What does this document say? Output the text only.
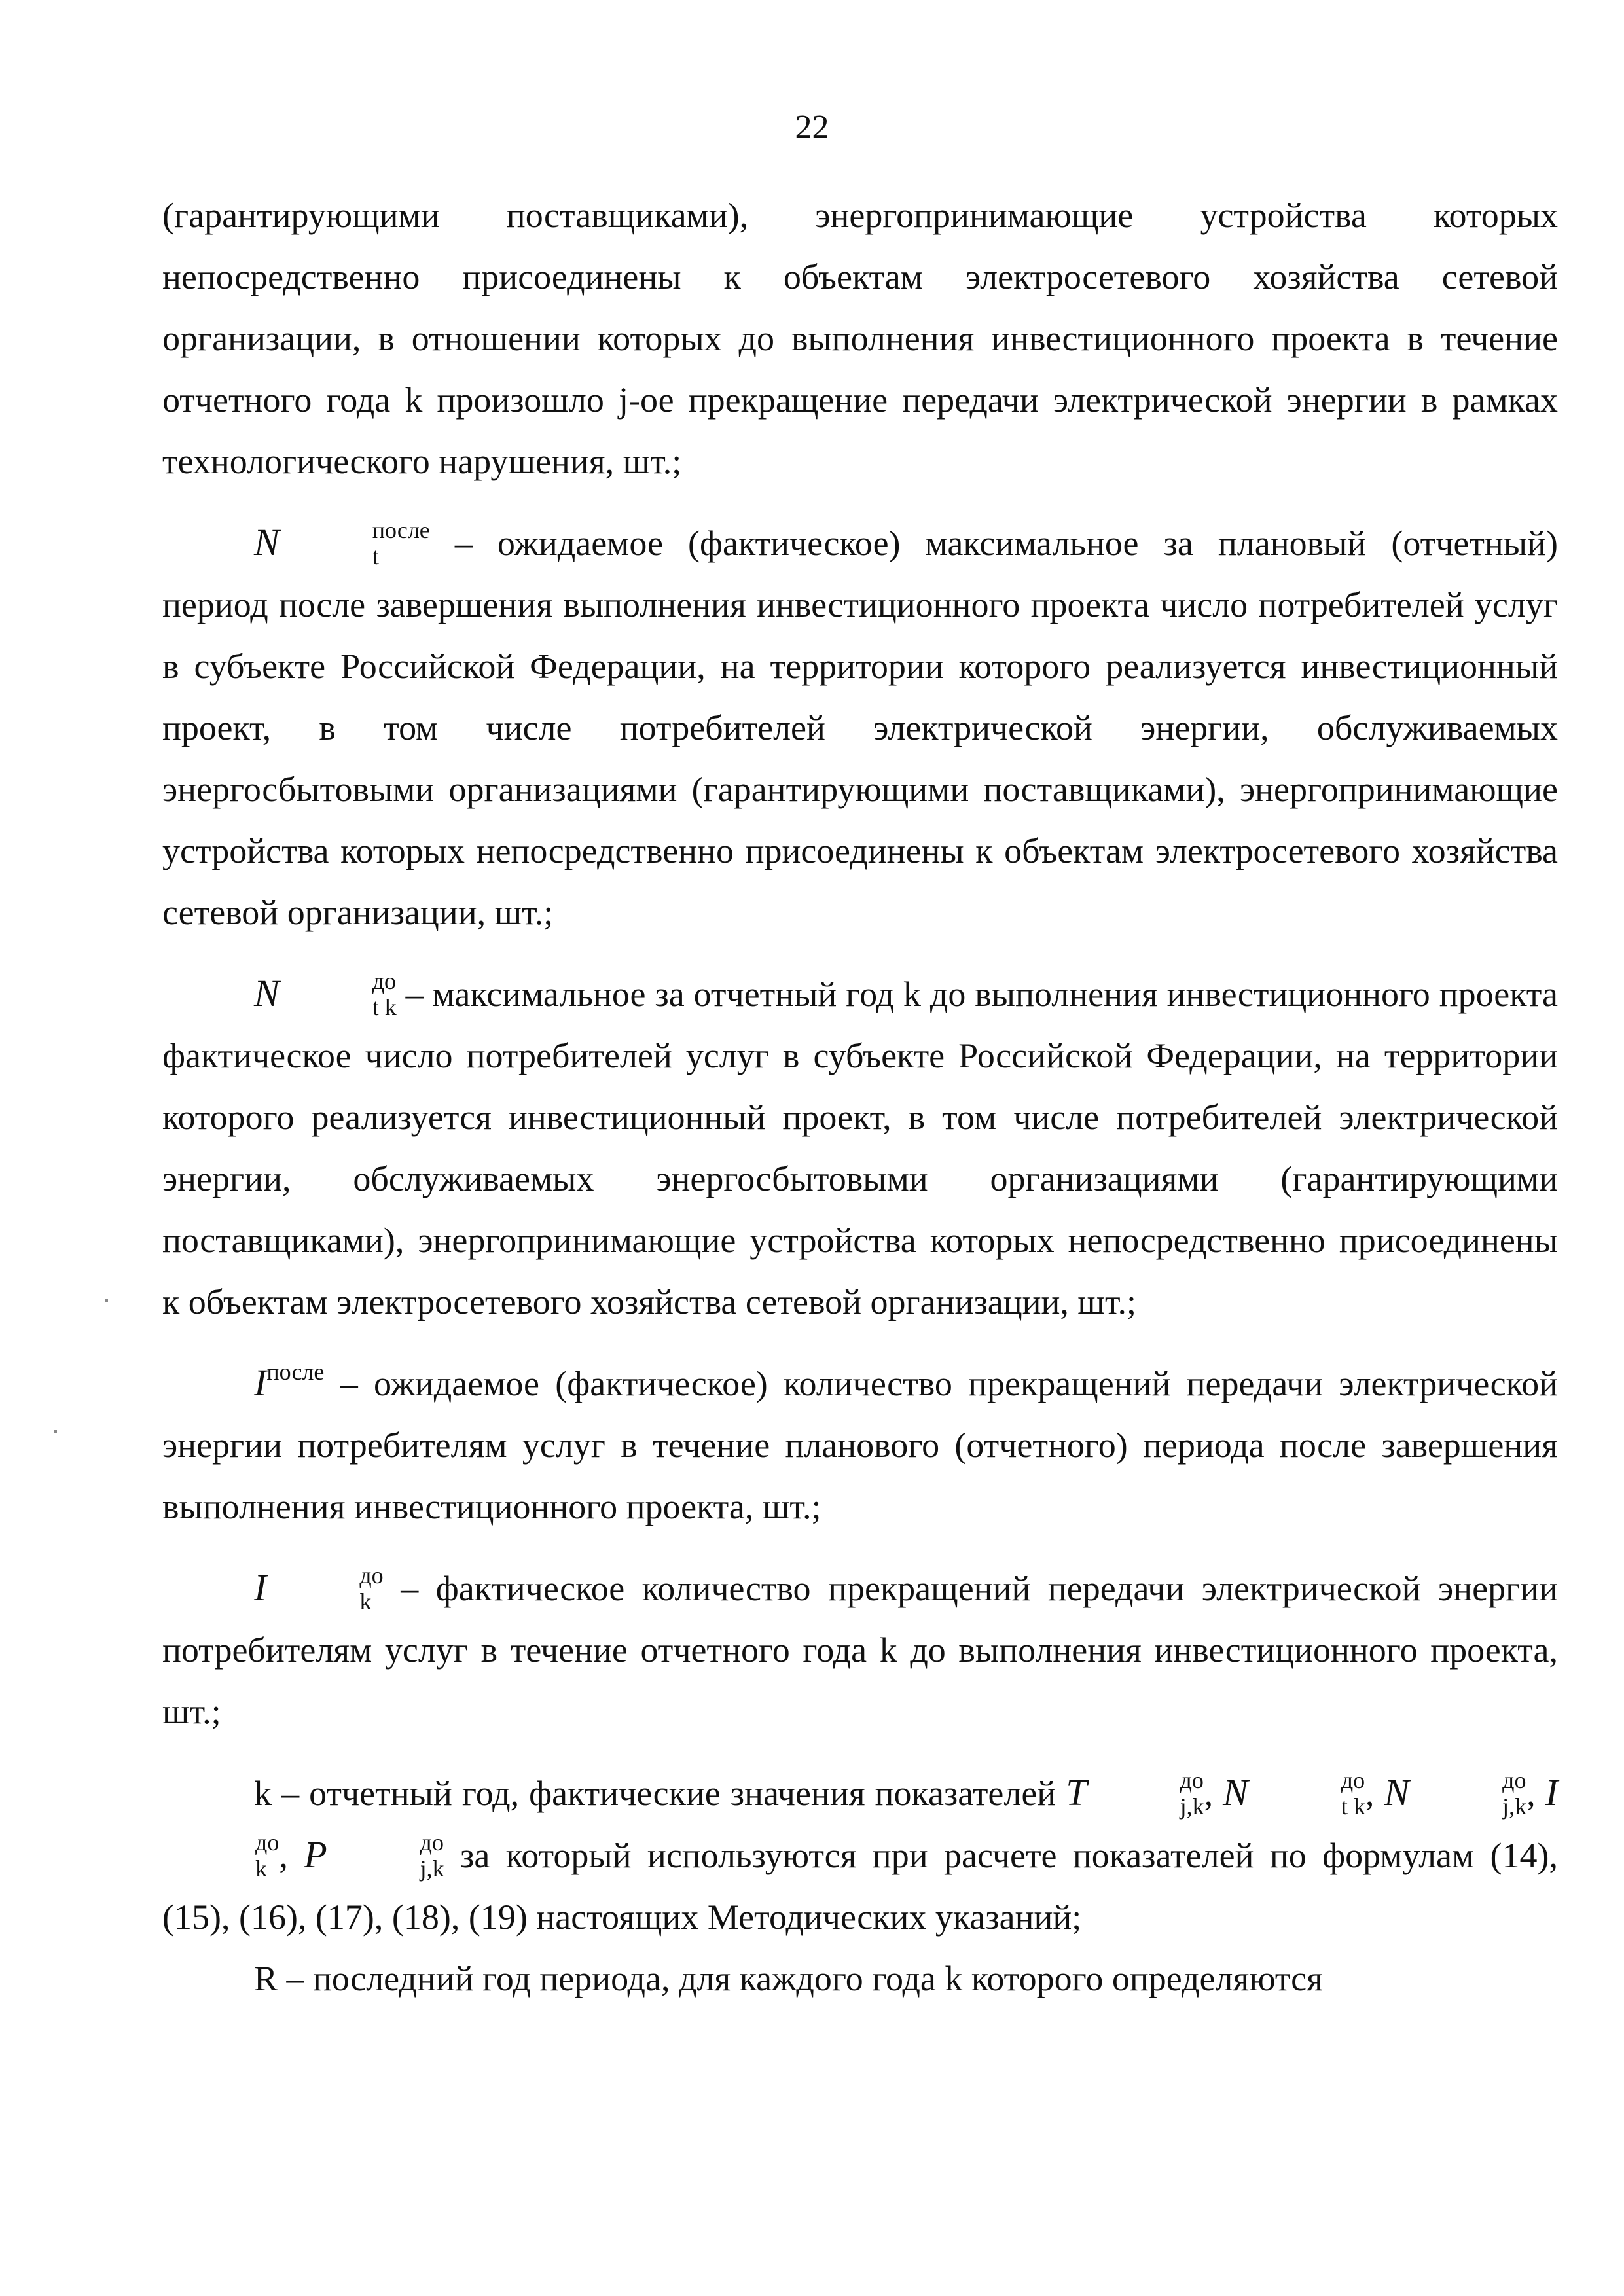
22

(гарантирующими поставщиками), энергопринимающие устройства которых непосредственно присоединены к объектам электросетевого хозяйства сетевой организации, в отношении которых до выполнения инвестиционного проекта в течение отчетного года k произошло j-ое прекращение передачи электрической энергии в рамках технологического нарушения, шт.;

N	после
t	– ожидаемое (фактическое) максимальное за плановый (отчетный) период после завершения выполнения инвестиционного проекта число потребителей услуг в субъекте Российской Федерации, на территории которого реализуется инвестиционный проект, в том числе потребителей электрической энергии, обслуживаемых энергосбытовыми организациями (гарантирующими поставщиками), энергопринимающие устройства которых непосредственно присоединены к объектам электросетевого хозяйства сетевой организации, шт.;

N	до
t k – максимальное за отчетный год k до выполнения инвестиционного проекта фактическое число потребителей услуг в субъекте Российской Федерации, на территории которого реализуется инвестиционный проект, в том числе потребителей электрической энергии, обслуживаемых энергосбытовыми организациями (гарантирующими поставщиками), энергопринимающие устройства которых непосредственно присоединены к объектам электросетевого хозяйства сетевой организации, шт.;

$I^{после}$ – ожидаемое (фактическое) количество прекращений передачи электрической энергии потребителям услуг в течение планового (отчетного) периода после завершения выполнения инвестиционного проекта, шт.;

I	до
k – фактическое количество прекращений передачи электрической энергии потребителям услуг в течение отчетного года k до выполнения инвестиционного проекта, шт.;

k – отчетный год, фактические значения показателей T	до
j,k , N	до
t k , N	до
j,k , I
до
k , P	до
j,k за который используются при расчете показателей по формулам (14), (15), (16), (17), (18), (19) настоящих Методических указаний;

R – последний год периода, для каждого года k которого определяются
